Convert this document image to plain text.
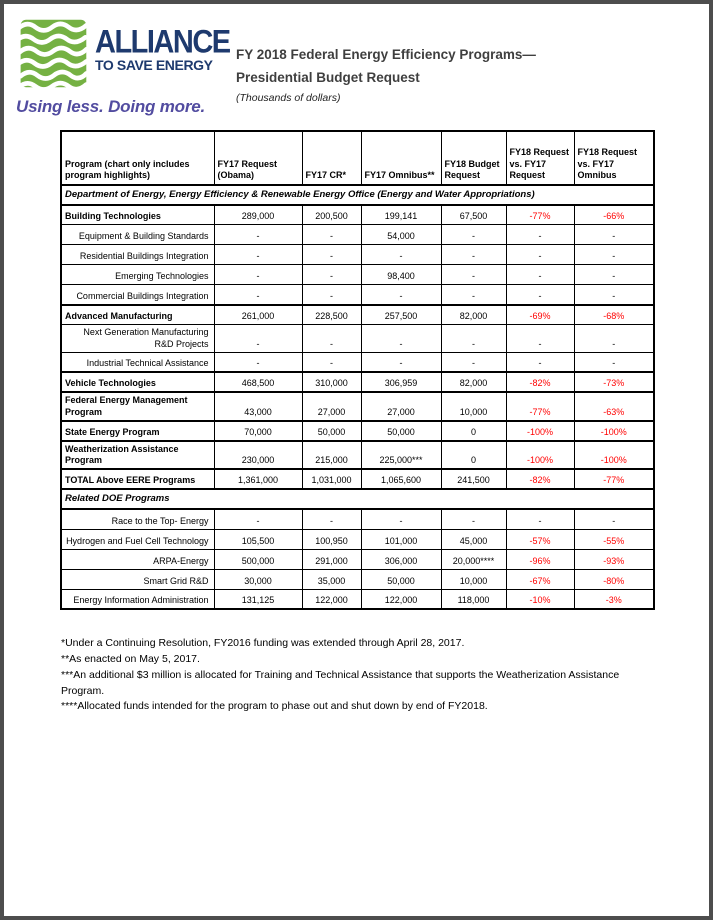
ALLIANCE
TO SAVE ENERGY
Using less. Doing more.
FY 2018 Federal Energy Efficiency Programs—
Presidential Budget Request
(Thousands of dollars)
Program (chart only includes program highlights)	FY17 Request (Obama)	FY17 CR*	FY17 Omnibus**	FY18 Budget Request	FY18 Request vs. FY17 Request	FY18 Request vs. FY17 Omnibus
Department of Energy, Energy Efficiency & Renewable Energy Office (Energy and Water Appropriations)						
Building Technologies	289,000	200,500	199,141	67,500	-77%	-66%
Equipment & Building Standards	-	-	54,000	-	-	-
Residential Buildings Integration	-	-	-	-	-	-
Emerging Technologies	-	-	98,400	-	-	-
Commercial Buildings Integration	-	-	-	-	-	-
Advanced Manufacturing	261,000	228,500	257,500	82,000	-69%	-68%
Next Generation Manufacturing R&D Projects	-	-	-	-	-	-
Industrial Technical Assistance	-	-	-	-	-	-
Vehicle Technologies	468,500	310,000	306,959	82,000	-82%	-73%
Federal Energy Management Program	43,000	27,000	27,000	10,000	-77%	-63%
State Energy Program	70,000	50,000	50,000	0	-100%	-100%
Weatherization Assistance Program	230,000	215,000	225,000***	0	-100%	-100%
TOTAL Above EERE Programs	1,361,000	1,031,000	1,065,600	241,500	-82%	-77%
Related DOE Programs						
Race to the Top- Energy	-	-	-	-	-	-
Hydrogen and Fuel Cell Technology	105,500	100,950	101,000	45,000	-57%	-55%
ARPA-Energy	500,000	291,000	306,000	20,000****	-96%	-93%
Smart Grid R&D	30,000	35,000	50,000	10,000	-67%	-80%
Energy Information Administration	131,125	122,000	122,000	118,000	-10%	-3%
*Under a Continuing Resolution, FY2016 funding was extended through April 28, 2017.
**As enacted on May 5, 2017.
***An additional $3 million is allocated for Training and Technical Assistance that supports the Weatherization Assistance Program.
****Allocated funds intended for the program to phase out and shut down by end of FY2018.
